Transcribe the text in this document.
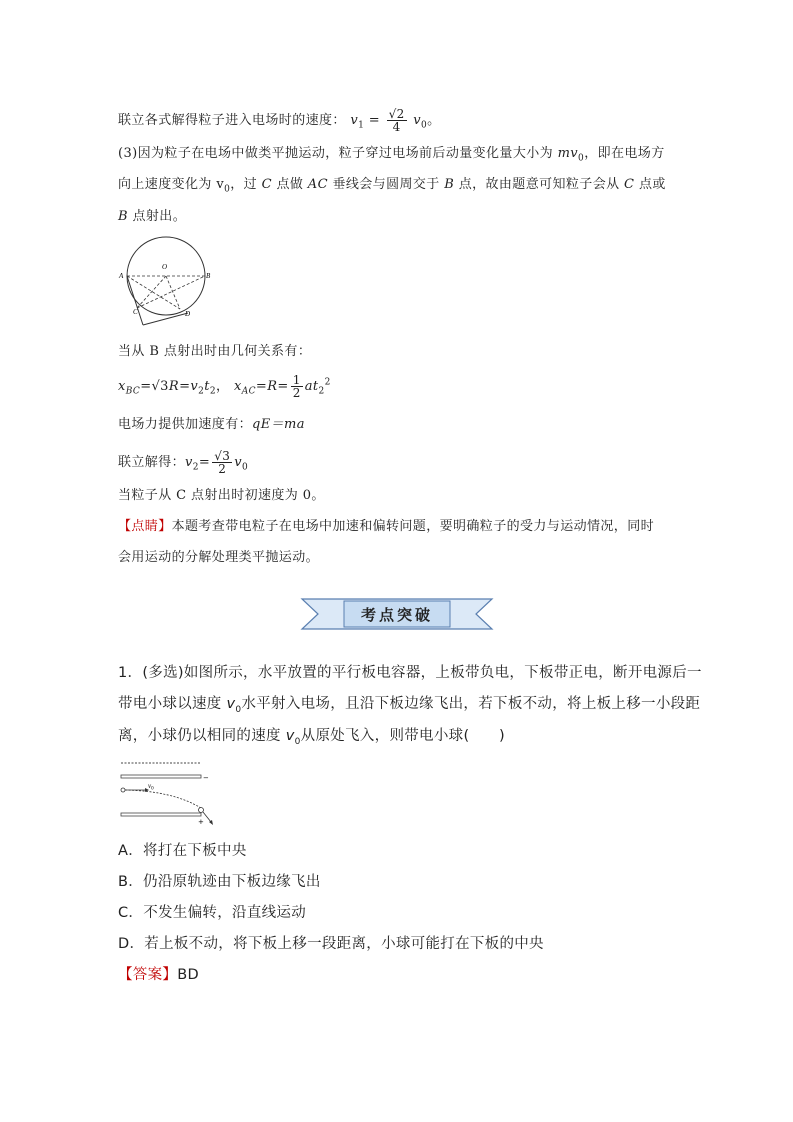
联立各式解得粒子进入电场时的速度： $v_1 = \frac{√2}{4} v_0$。
(3)因为粒子在电场中做类平抛运动，粒子穿过电场前后动量变化量大小为 $mv_0$，即在电场方
向上速度变化为 $v_0$，过 C 点做 AC 垂线会与圆周交于 B 点，故由题意可知粒子会从 C 点或
B 点射出。
O
A	B
C	D
当从 B 点射出时由几何关系有：
$x_{BC}=√3R=v_2t_2$， $x_{AC}=R= \frac{1}{2} at_2^2$
电场力提供加速度有：qE＝ma
联立解得：$v_2= \frac{√3}{2} v_0$
当粒子从 C 点射出时初速度为 0。
【点睛】本题考查带电粒子在电场中加速和偏转问题，要明确粒子的受力与运动情况，同时
会用运动的分解处理类平抛运动。
考点突破
1．(多选)如图所示，水平放置的平行板电容器，上板带负电，下板带正电，断开电源后一
带电小球以速度 $v_0$水平射入电场，且沿下板边缘飞出，若下板不动，将上板上移一小段距
离，小球仍以相同的速度 $v_0$从原处飞入，则带电小球(　　)
−
$v_0$
+
A．将打在下板中央
B．仍沿原轨迹由下板边缘飞出
C．不发生偏转，沿直线运动
D．若上板不动，将下板上移一段距离，小球可能打在下板的中央
【答案】BD
